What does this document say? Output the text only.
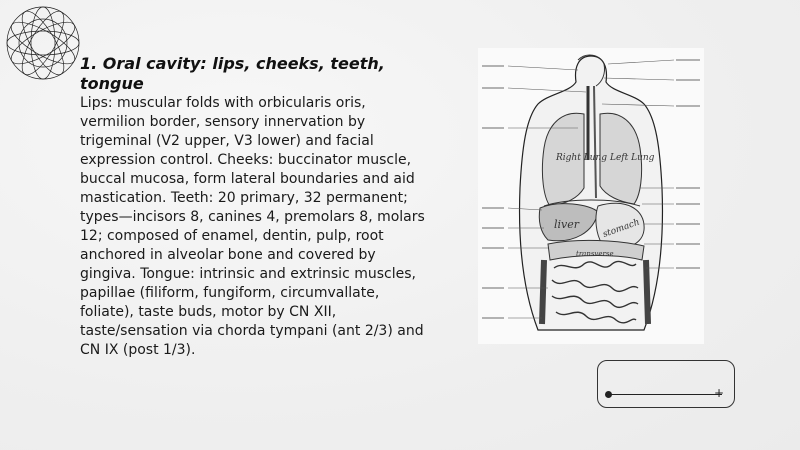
1. Oral cavity: lips, cheeks, teeth, tongue
Lips: muscular folds with orbicularis oris, vermilion border, sensory innervation by trigeminal (V2 upper, V3 lower) and facial expression control. Cheeks: buccinator muscle, buccal mucosa, form lateral boundaries and aid mastication. Teeth: 20 primary, 32 permanent; types—incisors 8, canines 4, premolars 8, molars 12; composed of enamel, dentin, pulp, root anchored in alveolar bone and covered by gingiva. Tongue: intrinsic and extrinsic muscles, papillae (filiform, fungiform, circumvallate, foliate), taste buds, motor by CN XII, taste/sensation via chorda tympani (ant 2/3) and CN IX (post 1/3).
Right Lung Left Lung
liver	stomach
transverse
+
